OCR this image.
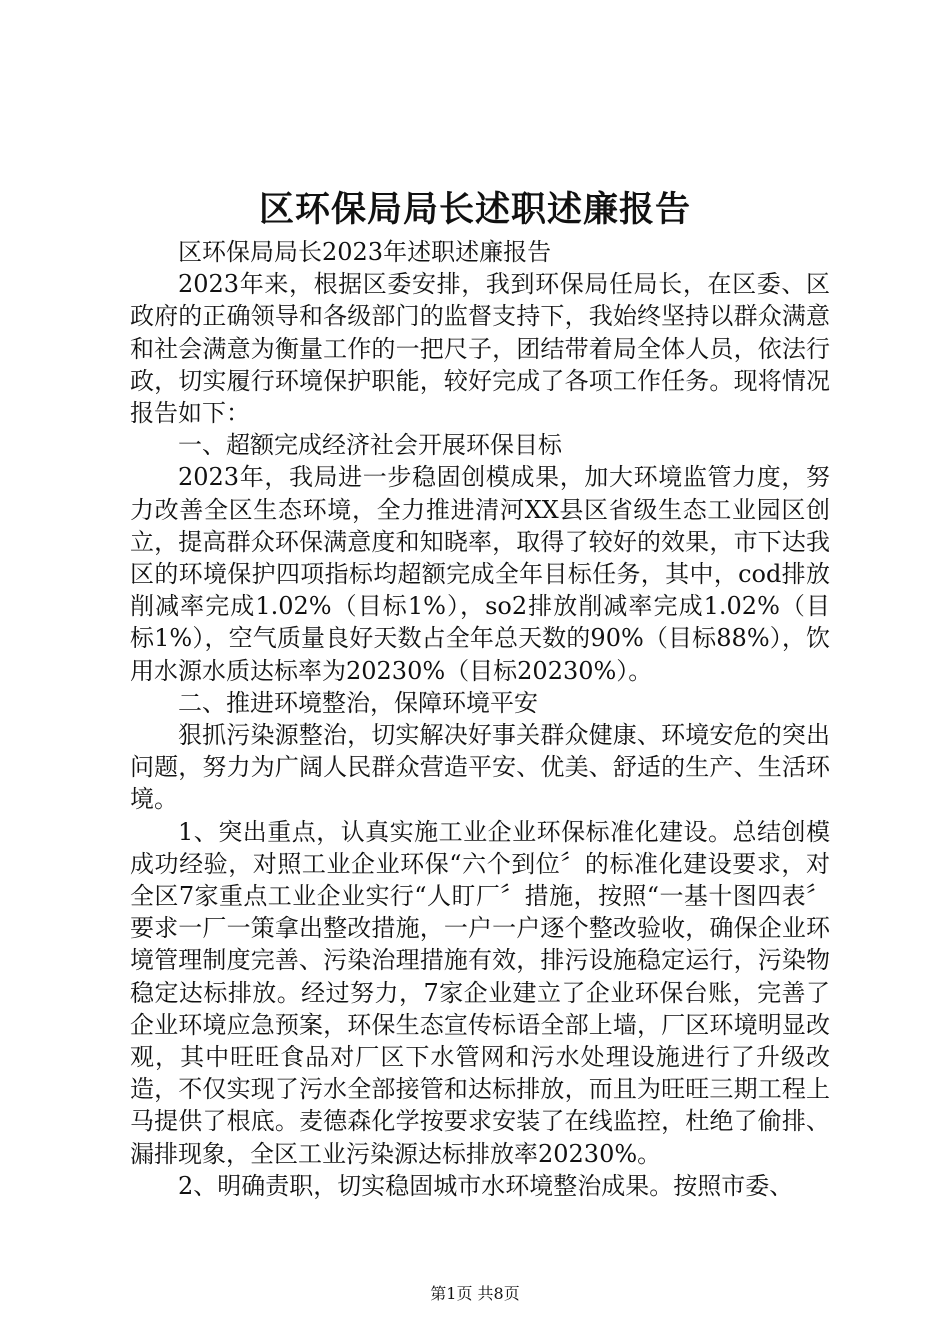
区环保局局长述职述廉报告

区环保局局长2023年述职述廉报告

2023年来，根据区委安排，我到环保局任局长，在区委、区政府的正确领导和各级部门的监督支持下，我始终坚持以群众满意和社会满意为衡量工作的一把尺子，团结带着局全体人员，依法行政，切实履行环境保护职能，较好完成了各项工作任务。现将情况报告如下：

一、超额完成经济社会开展环保目标

2023年，我局进一步稳固创模成果，加大环境监管力度，努力改善全区生态环境，全力推进清河XX县区省级生态工业园区创立，提高群众环保满意度和知晓率，取得了较好的效果，市下达我区的环境保护四项指标均超额完成全年目标任务，其中，cod排放削减率完成1.02%（目标1%），so2排放削减率完成1.02%（目标1%），空气质量良好天数占全年总天数的90%（目标88%），饮用水源水质达标率为20230%（目标20230%）。

二、推进环境整治，保障环境平安

狠抓污染源整治，切实解决好事关群众健康、环境安危的突出问题，努力为广阔人民群众营造平安、优美、舒适的生产、生活环境。

1、突出重点，认真实施工业企业环保标准化建设。总结创模成功经验，对照工业企业环保“六个到位〞的标准化建设要求，对全区7家重点工业企业实行“人盯厂〞措施，按照“一基十图四表〞要求一厂一策拿出整改措施，一户一户逐个整改验收，确保企业环境管理制度完善、污染治理措施有效，排污设施稳定运行，污染物稳定达标排放。经过努力，7家企业建立了企业环保台账，完善了企业环境应急预案，环保生态宣传标语全部上墙，厂区环境明显改观，其中旺旺食品对厂区下水管网和污水处理设施进行了升级改造，不仅实现了污水全部接管和达标排放，而且为旺旺三期工程上马提供了根底。麦德森化学按要求安装了在线监控，杜绝了偷排、漏排现象，全区工业污染源达标排放率20230%。

2、明确责职，切实稳固城市水环境整治成果。按照市委、

第1页 共8页
